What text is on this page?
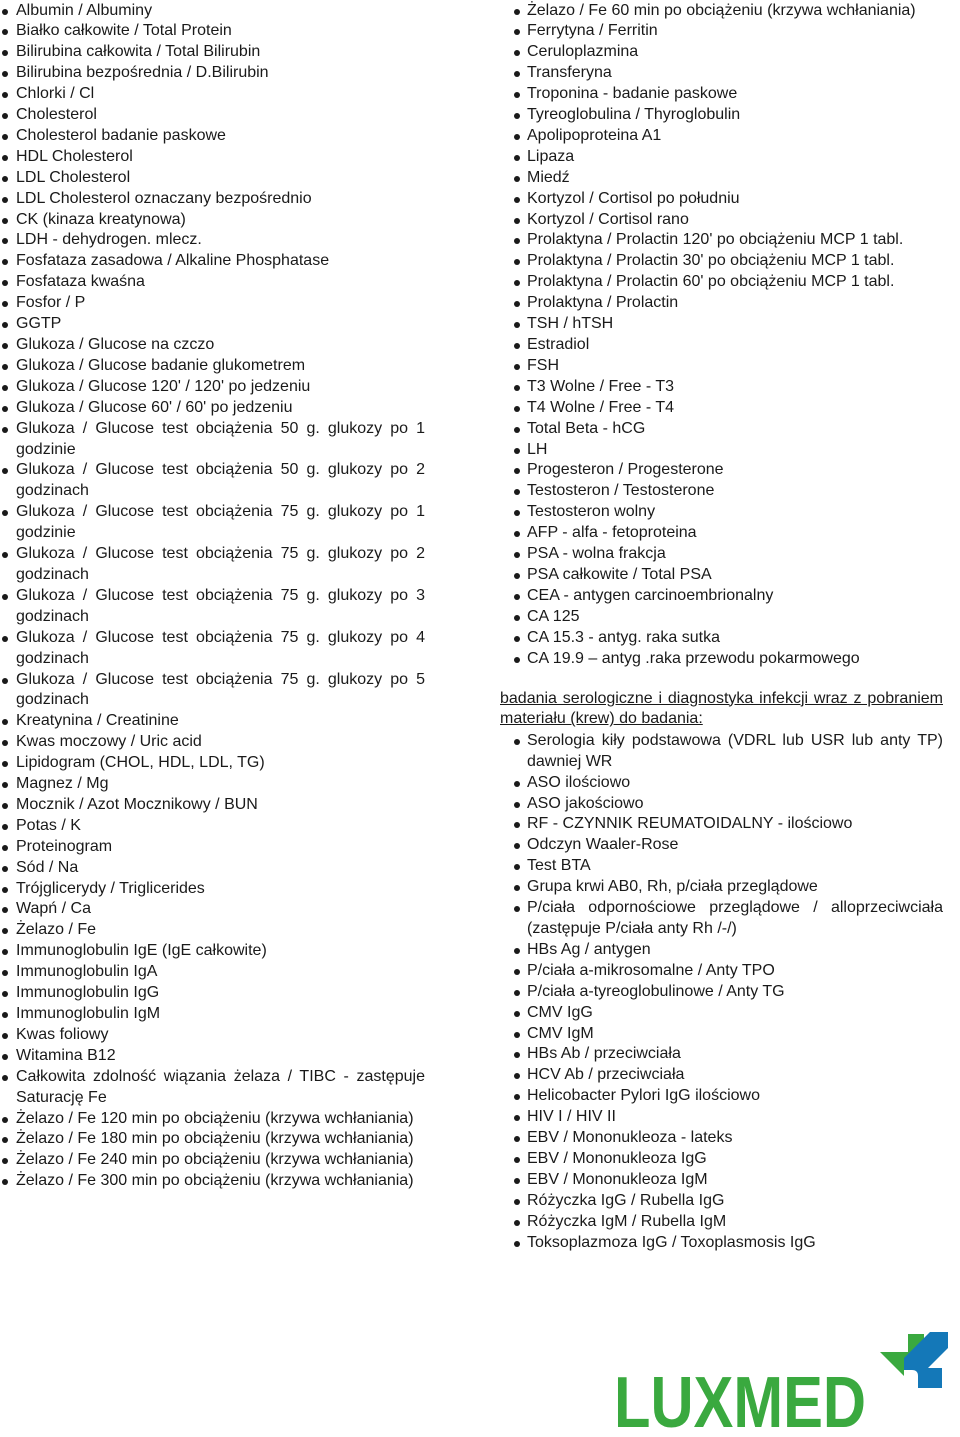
Albumin / Albuminy
Białko całkowite / Total Protein
Bilirubina całkowita / Total Bilirubin
Bilirubina bezpośrednia / D.Bilirubin
Chlorki / Cl
Cholesterol
Cholesterol badanie paskowe
HDL Cholesterol
LDL Cholesterol
LDL Cholesterol oznaczany bezpośrednio
CK (kinaza kreatynowa)
LDH - dehydrogen. mlecz.
Fosfataza zasadowa / Alkaline Phosphatase
Fosfataza kwaśna
Fosfor / P
GGTP
Glukoza / Glucose na czczo
Glukoza / Glucose badanie glukometrem
Glukoza / Glucose 120' / 120' po jedzeniu
Glukoza / Glucose 60' / 60' po jedzeniu
Glukoza / Glucose test obciążenia 50 g. glukozy po 1 godzinie
Glukoza / Glucose test obciążenia 50 g. glukozy po 2 godzinach
Glukoza / Glucose test obciążenia 75 g. glukozy po 1 godzinie
Glukoza / Glucose test obciążenia 75 g. glukozy po 2 godzinach
Glukoza / Glucose test obciążenia 75 g. glukozy po 3 godzinach
Glukoza / Glucose test obciążenia 75 g. glukozy po 4 godzinach
Glukoza / Glucose test obciążenia 75 g. glukozy po 5 godzinach
Kreatynina / Creatinine
Kwas moczowy / Uric acid
Lipidogram (CHOL, HDL, LDL, TG)
Magnez / Mg
Mocznik / Azot Mocznikowy / BUN
Potas / K
Proteinogram
Sód / Na
Trójglicerydy / Triglicerides
Wapń / Ca
Żelazo / Fe
Immunoglobulin IgE (IgE całkowite)
Immunoglobulin IgA
Immunoglobulin IgG
Immunoglobulin IgM
Kwas foliowy
Witamina B12
Całkowita zdolność wiązania żelaza / TIBC - zastępuje Saturację Fe
Żelazo / Fe 120 min po obciążeniu (krzywa wchłaniania)
Żelazo / Fe 180 min po obciążeniu (krzywa wchłaniania)
Żelazo / Fe 240 min po obciążeniu (krzywa wchłaniania)
Żelazo / Fe 300 min po obciążeniu (krzywa wchłaniania)
Żelazo / Fe 60 min po obciążeniu (krzywa wchłaniania)
Ferrytyna / Ferritin
Ceruloplazmina
Transferyna
Troponina - badanie paskowe
Tyreoglobulina / Thyroglobulin
Apolipoproteina A1
Lipaza
Miedź
Kortyzol / Cortisol po południu
Kortyzol / Cortisol rano
Prolaktyna / Prolactin 120' po obciążeniu MCP 1 tabl.
Prolaktyna / Prolactin 30' po obciążeniu MCP 1 tabl.
Prolaktyna / Prolactin 60' po obciążeniu MCP 1 tabl.
Prolaktyna / Prolactin
TSH / hTSH
Estradiol
FSH
T3 Wolne / Free - T3
T4 Wolne / Free - T4
Total Beta - hCG
LH
Progesteron / Progesterone
Testosteron / Testosterone
Testosteron wolny
AFP - alfa - fetoproteina
PSA - wolna frakcja
PSA całkowite / Total PSA
CEA - antygen carcinoembrionalny
CA 125
CA 15.3 - antyg. raka sutka
CA 19.9 – antyg .raka przewodu pokarmowego
badania serologiczne i diagnostyka infekcji wraz z pobraniem materiału (krew) do badania:
Serologia kiły podstawowa (VDRL lub USR lub anty TP) dawniej WR
ASO ilościowo
ASO jakościowo
RF - CZYNNIK REUMATOIDALNY - ilościowo
Odczyn Waaler-Rose
Test BTA
Grupa krwi AB0, Rh, p/ciała przeglądowe
P/ciała odpornościowe przeglądowe / alloprzeciwciała (zastępuje P/ciała anty Rh /-/)
HBs Ag / antygen
P/ciała a-mikrosomalne / Anty TPO
P/ciała a-tyreoglobulinowe / Anty TG
CMV IgG
CMV IgM
HBs Ab / przeciwciała
HCV Ab / przeciwciała
Helicobacter Pylori IgG ilościowo
HIV I / HIV II
EBV / Mononukleoza - lateks
EBV / Mononukleoza IgG
EBV / Mononukleoza IgM
Różyczka IgG / Rubella IgG
Różyczka IgM / Rubella IgM
Toksoplazmoza IgG / Toxoplasmosis IgG
LUXMED
